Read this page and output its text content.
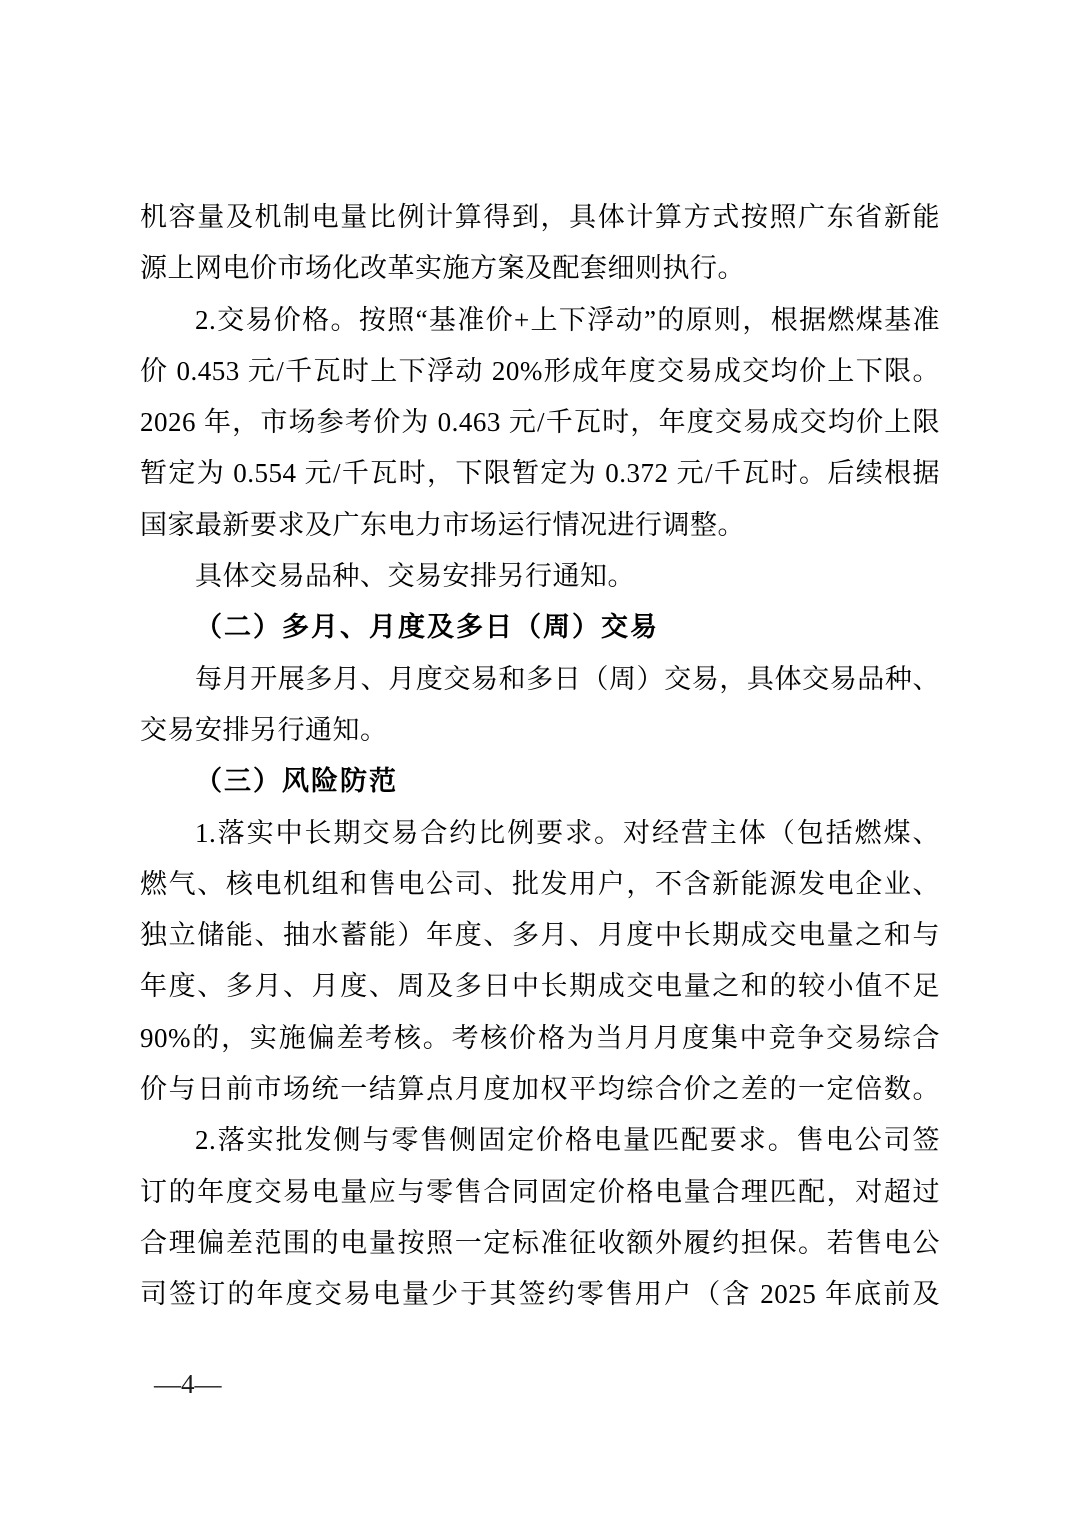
机容量及机制电量比例计算得到，具体计算方式按照广东省新能
源上网电价市场化改革实施方案及配套细则执行。
2.交易价格。按照“基准价+上下浮动”的原则，根据燃煤基准
价 0.453 元/千瓦时上下浮动 20%形成年度交易成交均价上下限。
2026 年，市场参考价为 0.463 元/千瓦时，年度交易成交均价上限
暂定为 0.554 元/千瓦时，下限暂定为 0.372 元/千瓦时。后续根据
国家最新要求及广东电力市场运行情况进行调整。
具体交易品种、交易安排另行通知。
（二）多月、月度及多日（周）交易
每月开展多月、月度交易和多日（周）交易，具体交易品种、
交易安排另行通知。
（三）风险防范
1.落实中长期交易合约比例要求。对经营主体（包括燃煤、
燃气、核电机组和售电公司、批发用户，不含新能源发电企业、
独立储能、抽水蓄能）年度、多月、月度中长期成交电量之和与
年度、多月、月度、周及多日中长期成交电量之和的较小值不足
90%的，实施偏差考核。考核价格为当月月度集中竞争交易综合
价与日前市场统一结算点月度加权平均综合价之差的一定倍数。
2.落实批发侧与零售侧固定价格电量匹配要求。售电公司签
订的年度交易电量应与零售合同固定价格电量合理匹配，对超过
合理偏差范围的电量按照一定标准征收额外履约担保。若售电公
司签订的年度交易电量少于其签约零售用户（含 2025 年底前及
—4—
